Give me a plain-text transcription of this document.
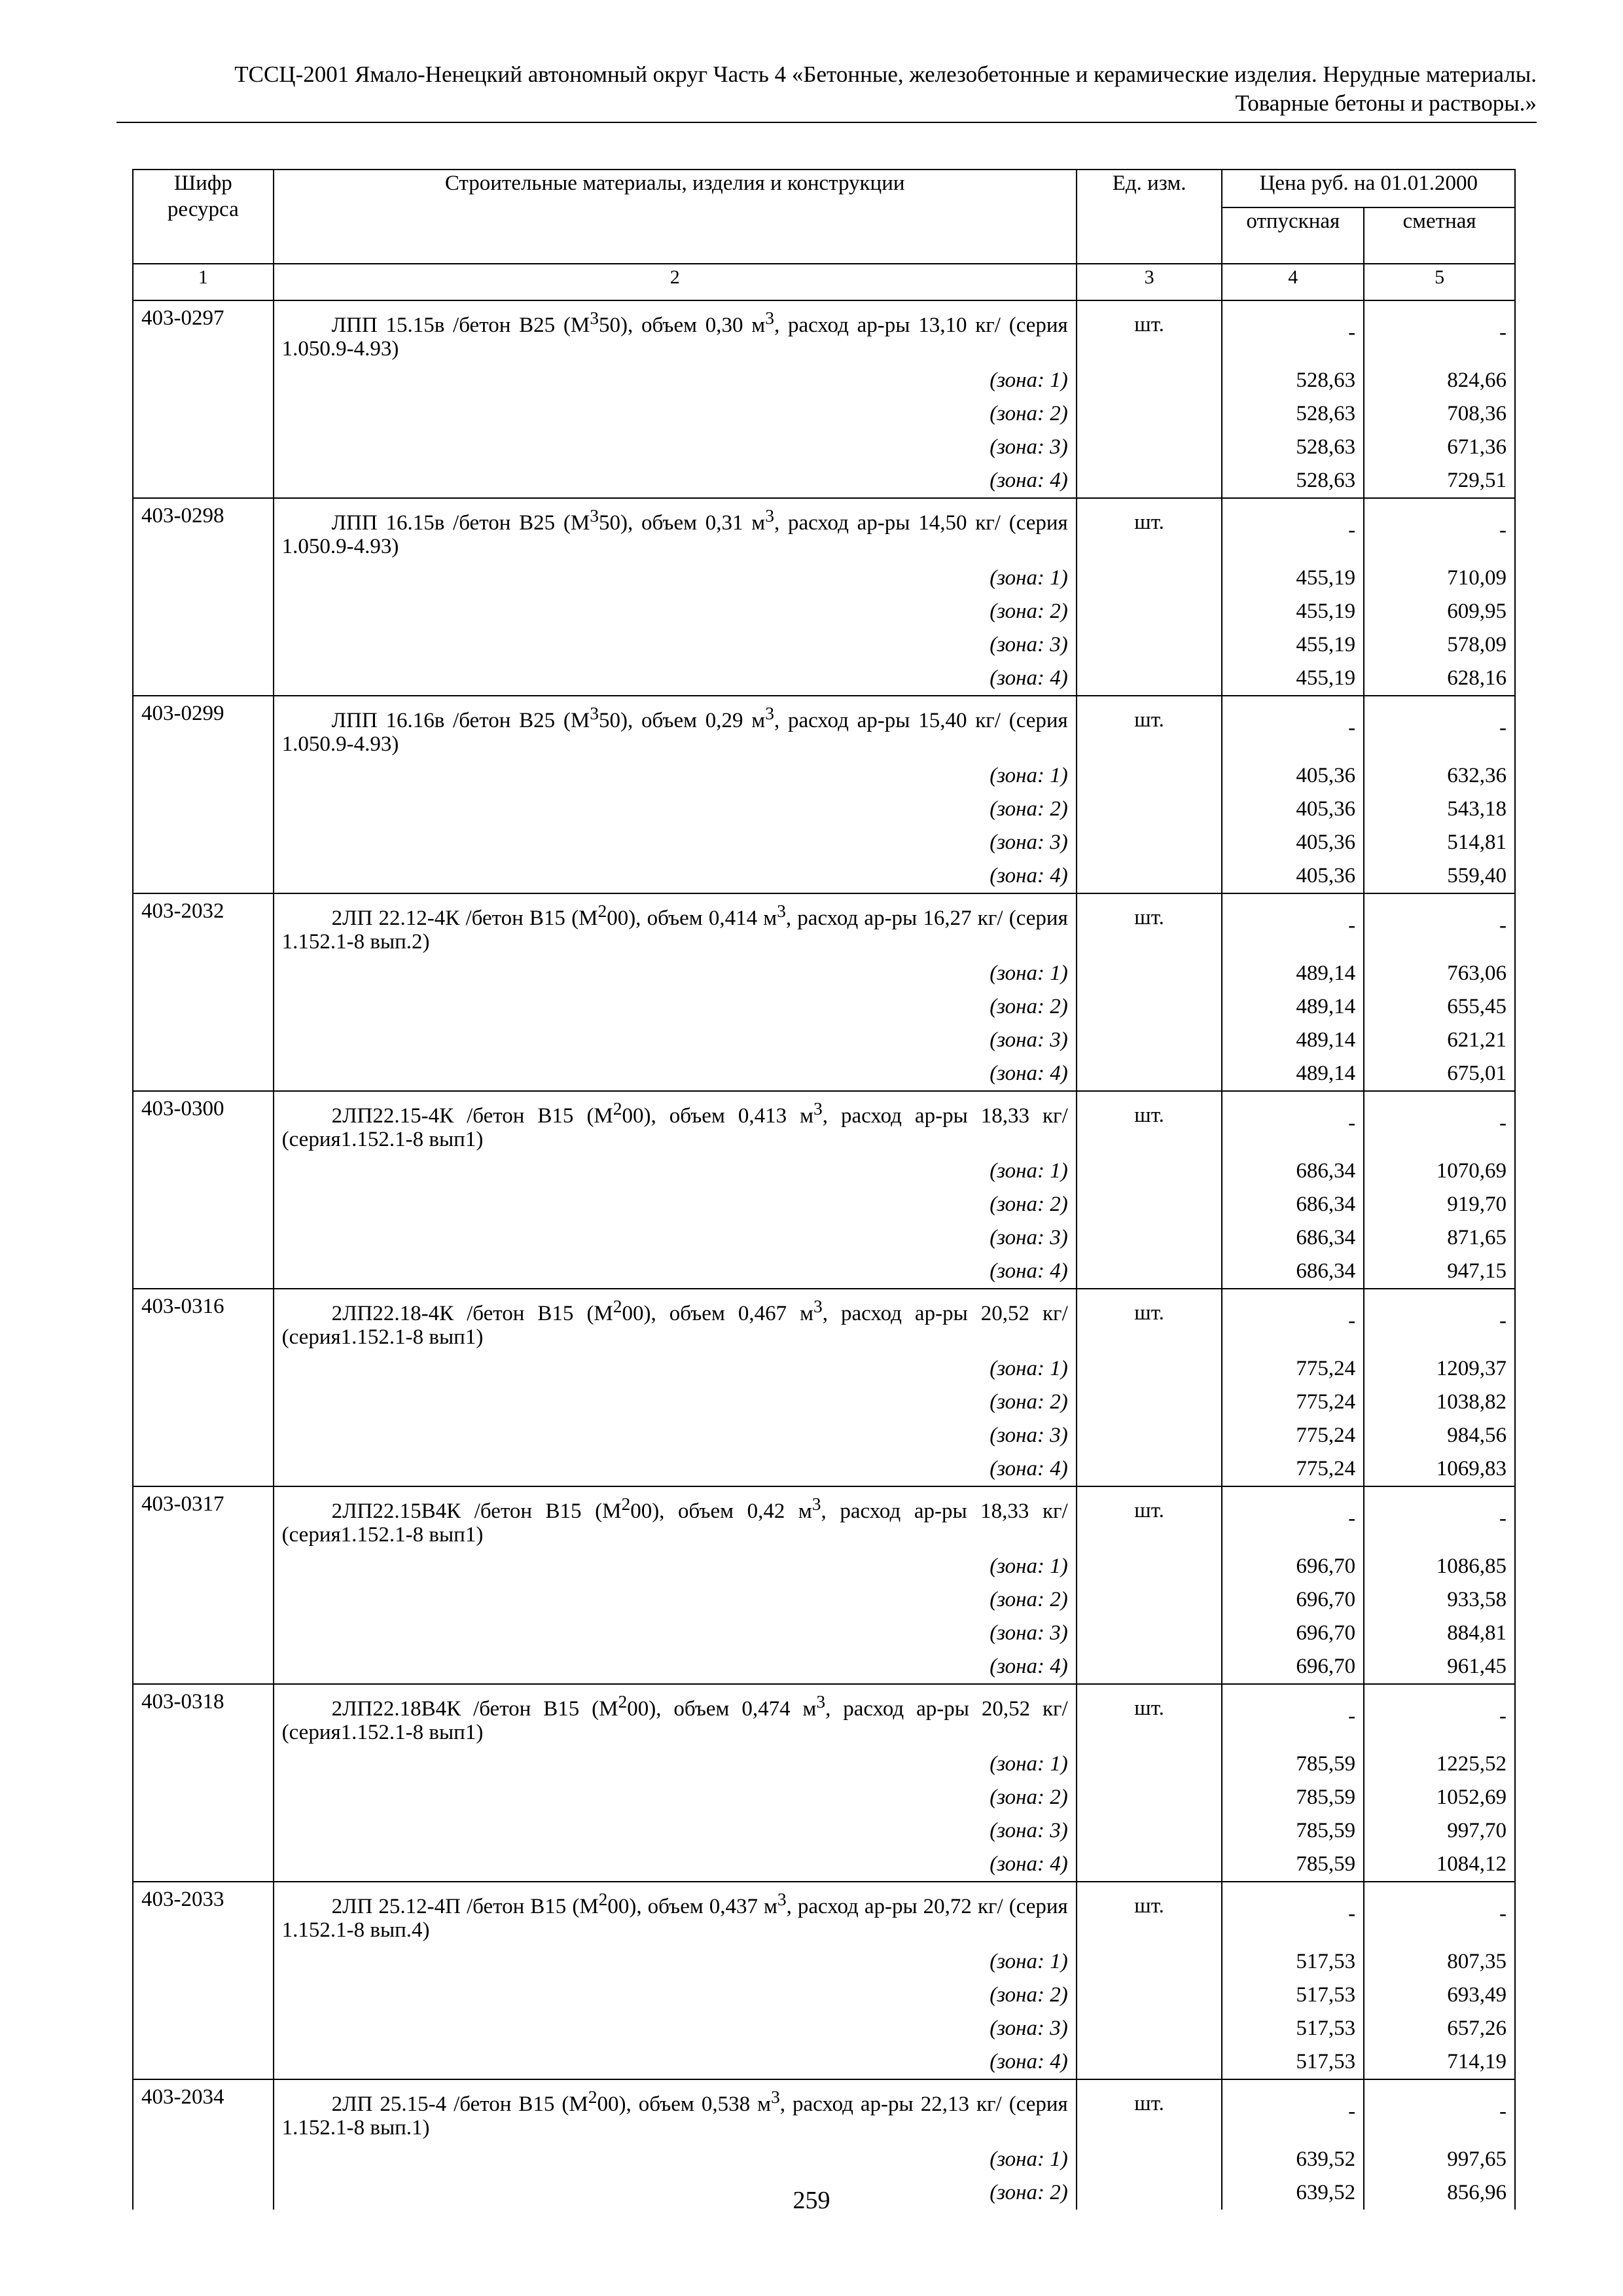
ТССЦ-2001 Ямало-Ненецкий автономный округ Часть 4 «Бетонные, железобетонные и керамические изделия. Нерудные материалы.
Товарные бетоны и растворы.»
Шифр ресурса	Строительные материалы, изделия и конструкции	Ед. изм.	Цена руб. на 01.01.2000	
			отпускная	сметная
1	2	3	4	5
403-0297	ЛПП 15.15в /бетон В25 $(М^350)$, объем 0,30 $м^3$, расход ар-ры 13,10 кг/ (серия 1.050.9-4.93)	шт.	-	-
	(зона: 1)		528,63	824,66
	(зона: 2)		528,63	708,36
	(зона: 3)		528,63	671,36
	(зона: 4)		528,63	729,51
403-0298	ЛПП 16.15в /бетон В25 $(М^350)$, объем 0,31 $м^3$, расход ар-ры 14,50 кг/ (серия 1.050.9-4.93)	шт.	-	-
	(зона: 1)		455,19	710,09
	(зона: 2)		455,19	609,95
	(зона: 3)		455,19	578,09
	(зона: 4)		455,19	628,16
403-0299	ЛПП 16.16в /бетон В25 $(М^350)$, объем 0,29 $м^3$, расход ар-ры 15,40 кг/ (серия 1.050.9-4.93)	шт.	-	-
	(зона: 1)		405,36	632,36
	(зона: 2)		405,36	543,18
	(зона: 3)		405,36	514,81
	(зона: 4)		405,36	559,40
403-2032	2ЛП 22.12-4К /бетон В15 $(М^200)$, объем 0,414 $м^3$, расход ар-ры 16,27 кг/ (серия 1.152.1-8 вып.2)	шт.	-	-
	(зона: 1)		489,14	763,06
	(зона: 2)		489,14	655,45
	(зона: 3)		489,14	621,21
	(зона: 4)		489,14	675,01
403-0300	2ЛП22.15-4К /бетон В15 $(М^200)$, объем 0,413 $м^3$, расход ар-ры 18,33 кг/ (серия1.152.1-8 вып1)	шт.	-	-
	(зона: 1)		686,34	1070,69
	(зона: 2)		686,34	919,70
	(зона: 3)		686,34	871,65
	(зона: 4)		686,34	947,15
403-0316	2ЛП22.18-4К /бетон В15 $(М^200)$, объем 0,467 $м^3$, расход ар-ры 20,52 кг/ (серия1.152.1-8 вып1)	шт.	-	-
	(зона: 1)		775,24	1209,37
	(зона: 2)		775,24	1038,82
	(зона: 3)		775,24	984,56
	(зона: 4)		775,24	1069,83
403-0317	2ЛП22.15В4К /бетон В15 $(М^200)$, объем 0,42 $м^3$, расход ар-ры 18,33 кг/ (серия1.152.1-8 вып1)	шт.	-	-
	(зона: 1)		696,70	1086,85
	(зона: 2)		696,70	933,58
	(зона: 3)		696,70	884,81
	(зона: 4)		696,70	961,45
403-0318	2ЛП22.18В4К /бетон В15 $(М^200)$, объем 0,474 $м^3$, расход ар-ры 20,52 кг/ (серия1.152.1-8 вып1)	шт.	-	-
	(зона: 1)		785,59	1225,52
	(зона: 2)		785,59	1052,69
	(зона: 3)		785,59	997,70
	(зона: 4)		785,59	1084,12
403-2033	2ЛП 25.12-4П /бетон В15 $(М^200)$, объем 0,437 $м^3$, расход ар-ры 20,72 кг/ (серия 1.152.1-8 вып.4)	шт.	-	-
	(зона: 1)		517,53	807,35
	(зона: 2)		517,53	693,49
	(зона: 3)		517,53	657,26
	(зона: 4)		517,53	714,19
403-2034	2ЛП 25.15-4 /бетон В15 $(М^200)$, объем 0,538 $м^3$, расход ар-ры 22,13 кг/ (серия 1.152.1-8 вып.1)	шт.	-	-
	(зона: 1)		639,52	997,65
	(зона: 2)		639,52	856,96
259
